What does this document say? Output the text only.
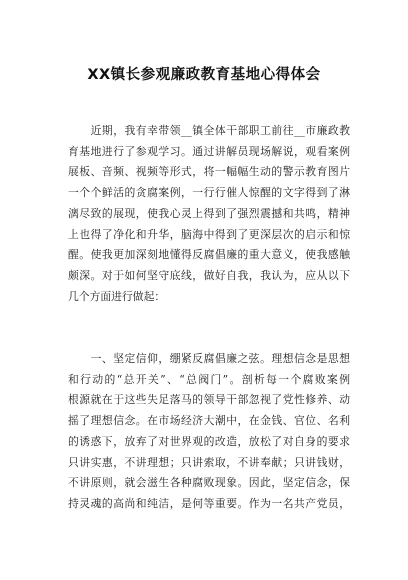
XX镇长参观廉政教育基地心得体会
　　近期，我有幸带领__镇全体干部职工前往__市廉政教
育基地进行了参观学习。通过讲解员现场解说，观看案例
展板、音频、视频等形式，将一幅幅生动的警示教育图片
一个个鲜活的贪腐案例，一行行催人惊醒的文字得到了淋
漓尽致的展现，使我心灵上得到了强烈震撼和共鸣，精神
上也得了净化和升华，脑海中得到了更深层次的启示和惊
醒。使我更加深刻地懂得反腐倡廉的重大意义，使我感触
颇深。对于如何坚守底线，做好自我，我认为，应从以下
几个方面进行做起：
　　一、坚定信仰，绷紧反腐倡廉之弦。理想信念是思想
和行动的“总开关”、“总阀门”。剖析每一个腐败案例
根源就在于这些失足落马的领导干部忽视了党性修养、动
摇了理想信念。在市场经济大潮中，在金钱、官位、名利
的诱惑下，放弃了对世界观的改造，放松了对自身的要求
只讲实惠，不讲理想；只讲索取，不讲奉献；只讲钱财，
不讲原则，就会滋生各种腐败现象。因此，坚定信念，保
持灵魂的高尚和纯洁，是何等重要。作为一名共产党员，
